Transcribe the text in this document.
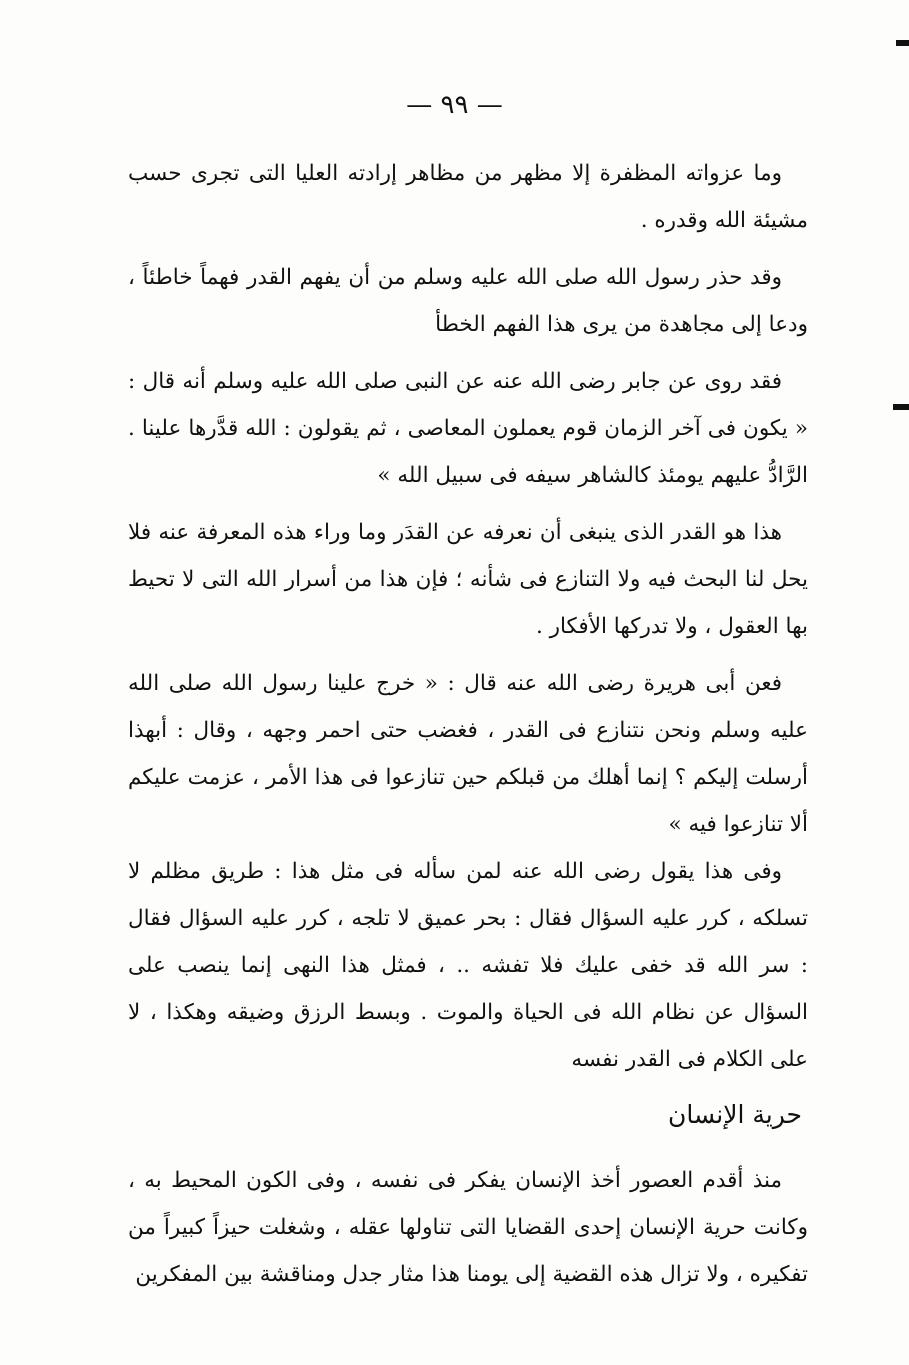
— ٩٩ —

وما عزواته المظفرة إلا مظهر من مظاهر إرادته العليا التى تجرى حسب مشيئة الله وقدره .

وقد حذر رسول الله صلى الله عليه وسلم من أن يفهم القدر فهماً خاطئاً ، ودعا إلى مجاهدة من يرى هذا الفهم الخطأ

فقد روى عن جابر رضى الله عنه عن النبى صلى الله عليه وسلم أنه قال : « يكون فى آخر الزمان قوم يعملون المعاصى ، ثم يقولون : الله قدَّرها علينا . الرَّادُّ عليهم يومئذ كالشاهر سيفه فى سبيل الله »

هذا هو القدر الذى ينبغى أن نعرفه عن القدَر وما وراء هذه المعرفة عنه فلا يحل لنا البحث فيه ولا التنازع فى شأنه ؛ فإن هذا من أسرار الله التى لا تحيط بها العقول ، ولا تدركها الأفكار .

فعن أبى هريرة رضى الله عنه قال : « خرج علينا رسول الله صلى الله عليه وسلم ونحن نتنازع فى القدر ، فغضب حتى احمر وجهه ، وقال : أبهذا أرسلت إليكم ؟ إنما أهلك من قبلكم حين تنازعوا فى هذا الأمر ، عزمت عليكم ألا تنازعوا فيه »

وفى هذا يقول رضى الله عنه لمن سأله فى مثل هذا : طريق مظلم لا تسلكه ، كرر عليه السؤال فقال : بحر عميق لا تلجه ، كرر عليه السؤال فقال : سر الله قد خفى عليك فلا تفشه .. ، فمثل هذا النهى إنما ينصب على السؤال عن نظام الله فى الحياة والموت . وبسط الرزق وضيقه وهكذا ، لا على الكلام فى القدر نفسه

حرية الإنسان

منذ أقدم العصور أخذ الإنسان يفكر فى نفسه ، وفى الكون المحيط به ، وكانت حرية الإنسان إحدى القضايا التى تناولها عقله ، وشغلت حيزاً كبيراً من تفكيره ، ولا تزال هذه القضية إلى يومنا هذا مثار جدل ومناقشة بين المفكرين
